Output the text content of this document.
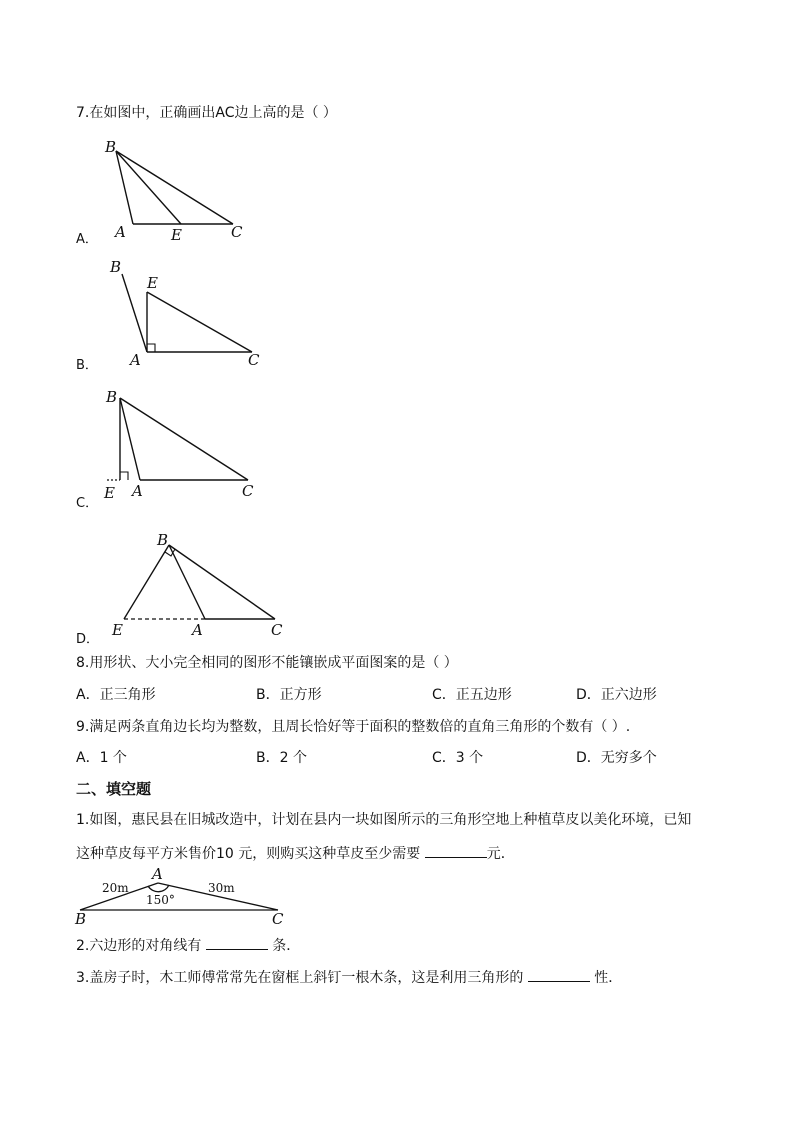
7.在如图中，正确画出AC边上高的是（ ）
B
A	E	C
A．
B
E
A	C
B．
B
E A	C
C．
B
E	A	C
D．
8.用形状、大小完全相同的图形不能镶嵌成平面图案的是（ ）
A．正三角形	B．正方形	C．正五边形	D．正六边形
9.满足两条直角边长均为整数，且周长恰好等于面积的整数倍的直角三角形的个数有（ ）.
A．1 个	B．2 个	C．3 个	D．无穷多个
二、填空题
1.如图，惠民县在旧城改造中，计划在县内一块如图所示的三角形空地上种植草皮以美化环境，已知
这种草皮每平方米售价10 元，则购买这种草皮至少需要	元．
B
A
C
20m	30m
150°
2.六边形的对角线有	条．
3.盖房子时，木工师傅常常先在窗框上斜钉一根木条，这是利用三角形的	性．
